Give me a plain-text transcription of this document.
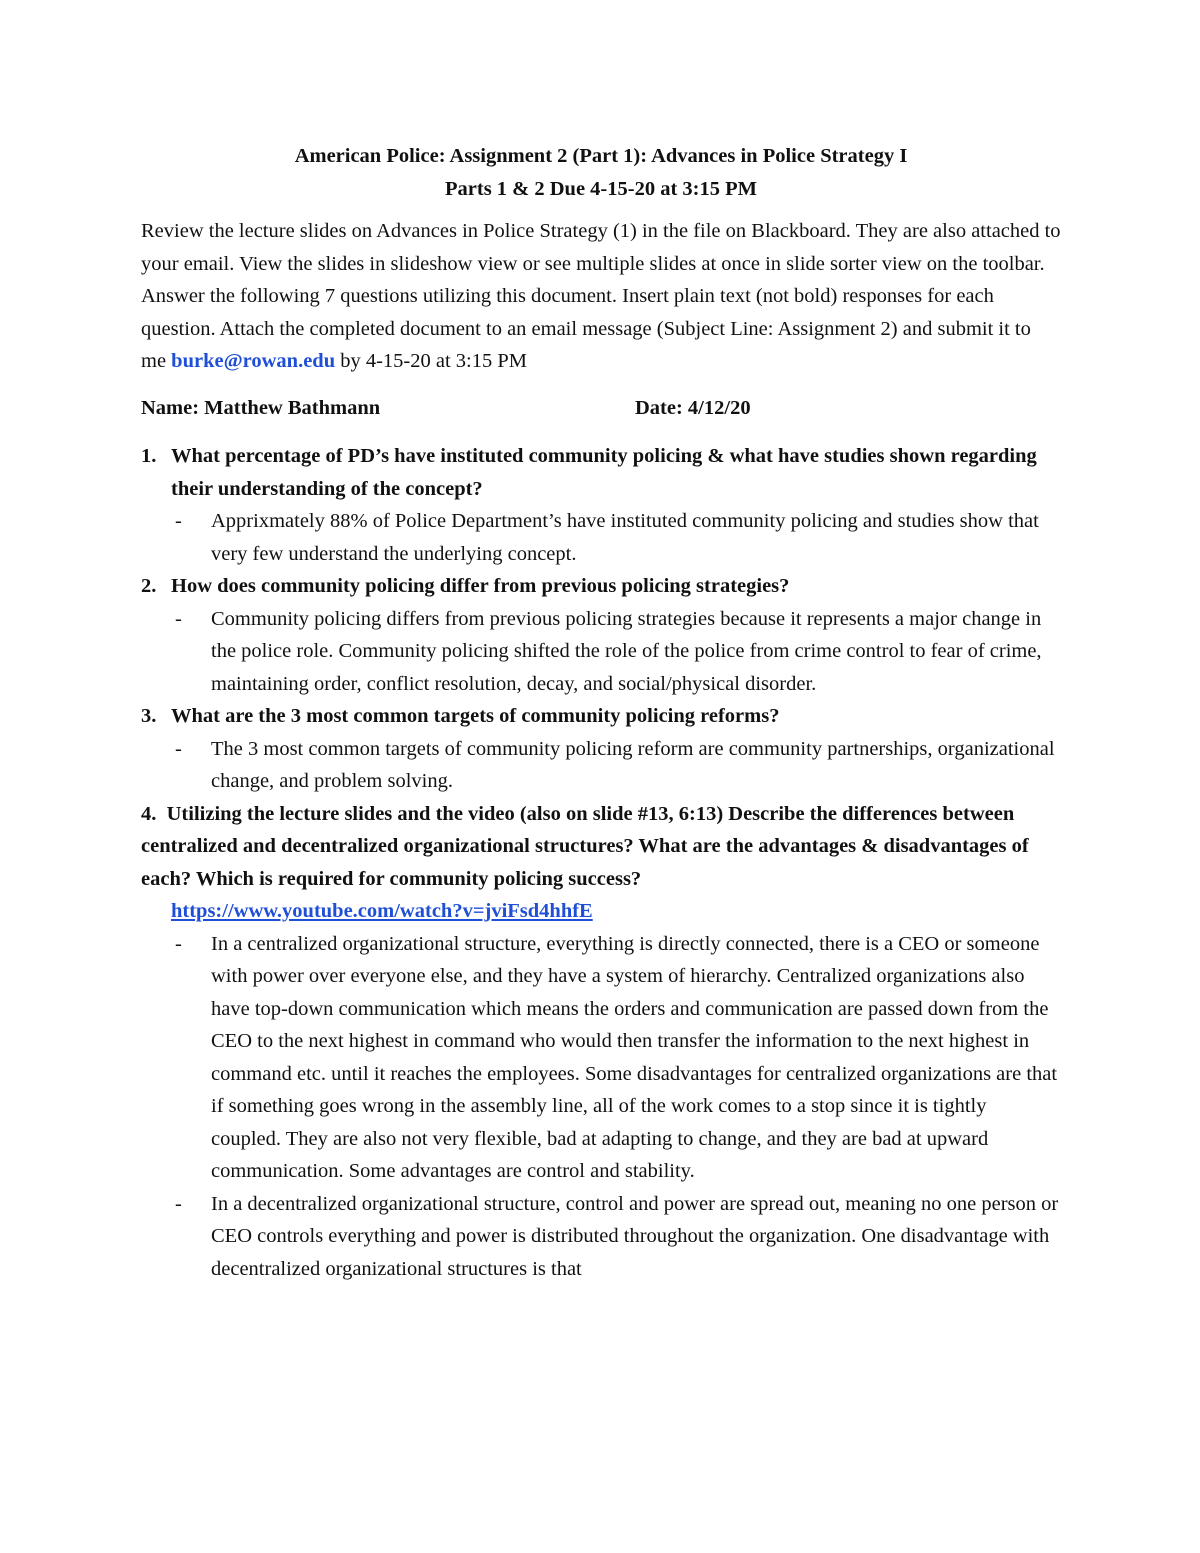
American Police: Assignment 2 (Part 1): Advances in Police Strategy I

Parts 1 & 2 Due 4-15-20 at 3:15 PM

Review the lecture slides on Advances in Police Strategy (1) in the file on Blackboard. They are also attached to your email. View the slides in slideshow view or see multiple slides at once in slide sorter view on the toolbar. Answer the following 7 questions utilizing this document. Insert plain text (not bold) responses for each question. Attach the completed document to an email message (Subject Line: Assignment 2) and submit it to me burke@rowan.edu by 4-15-20 at 3:15 PM
Name: Matthew Bathmann	Date: 4/12/20
1. What percentage of PD’s have instituted community policing & what have studies shown regarding their understanding of the concept?
-	Apprixmately 88% of Police Department’s have instituted community policing and studies show that very few understand the underlying concept.
2. How does community policing differ from previous policing strategies?
-	Community policing differs from previous policing strategies because it represents a major change in the police role. Community policing shifted the role of the police from crime control to fear of crime, maintaining order, conflict resolution, decay, and social/physical disorder.
3. What are the 3 most common targets of community policing reforms?
-	The 3 most common targets of community policing reform are community partnerships, organizational change, and problem solving.
4. Utilizing the lecture slides and the video (also on slide #13, 6:13) Describe the differences between centralized and decentralized organizational structures? What are the advantages & disadvantages of each? Which is required for community policing success?
https://www.youtube.com/watch?v=jviFsd4hhfE
-	In a centralized organizational structure, everything is directly connected, there is a CEO or someone with power over everyone else, and they have a system of hierarchy. Centralized organizations also have top-down communication which means the orders and communication are passed down from the CEO to the next highest in command who would then transfer the information to the next highest in command etc. until it reaches the employees. Some disadvantages for centralized organizations are that if something goes wrong in the assembly line, all of the work comes to a stop since it is tightly coupled. They are also not very flexible, bad at adapting to change, and they are bad at upward communication. Some advantages are control and stability.
-	In a decentralized organizational structure, control and power are spread out, meaning no one person or CEO controls everything and power is distributed throughout the organization. One disadvantage with decentralized organizational structures is that
